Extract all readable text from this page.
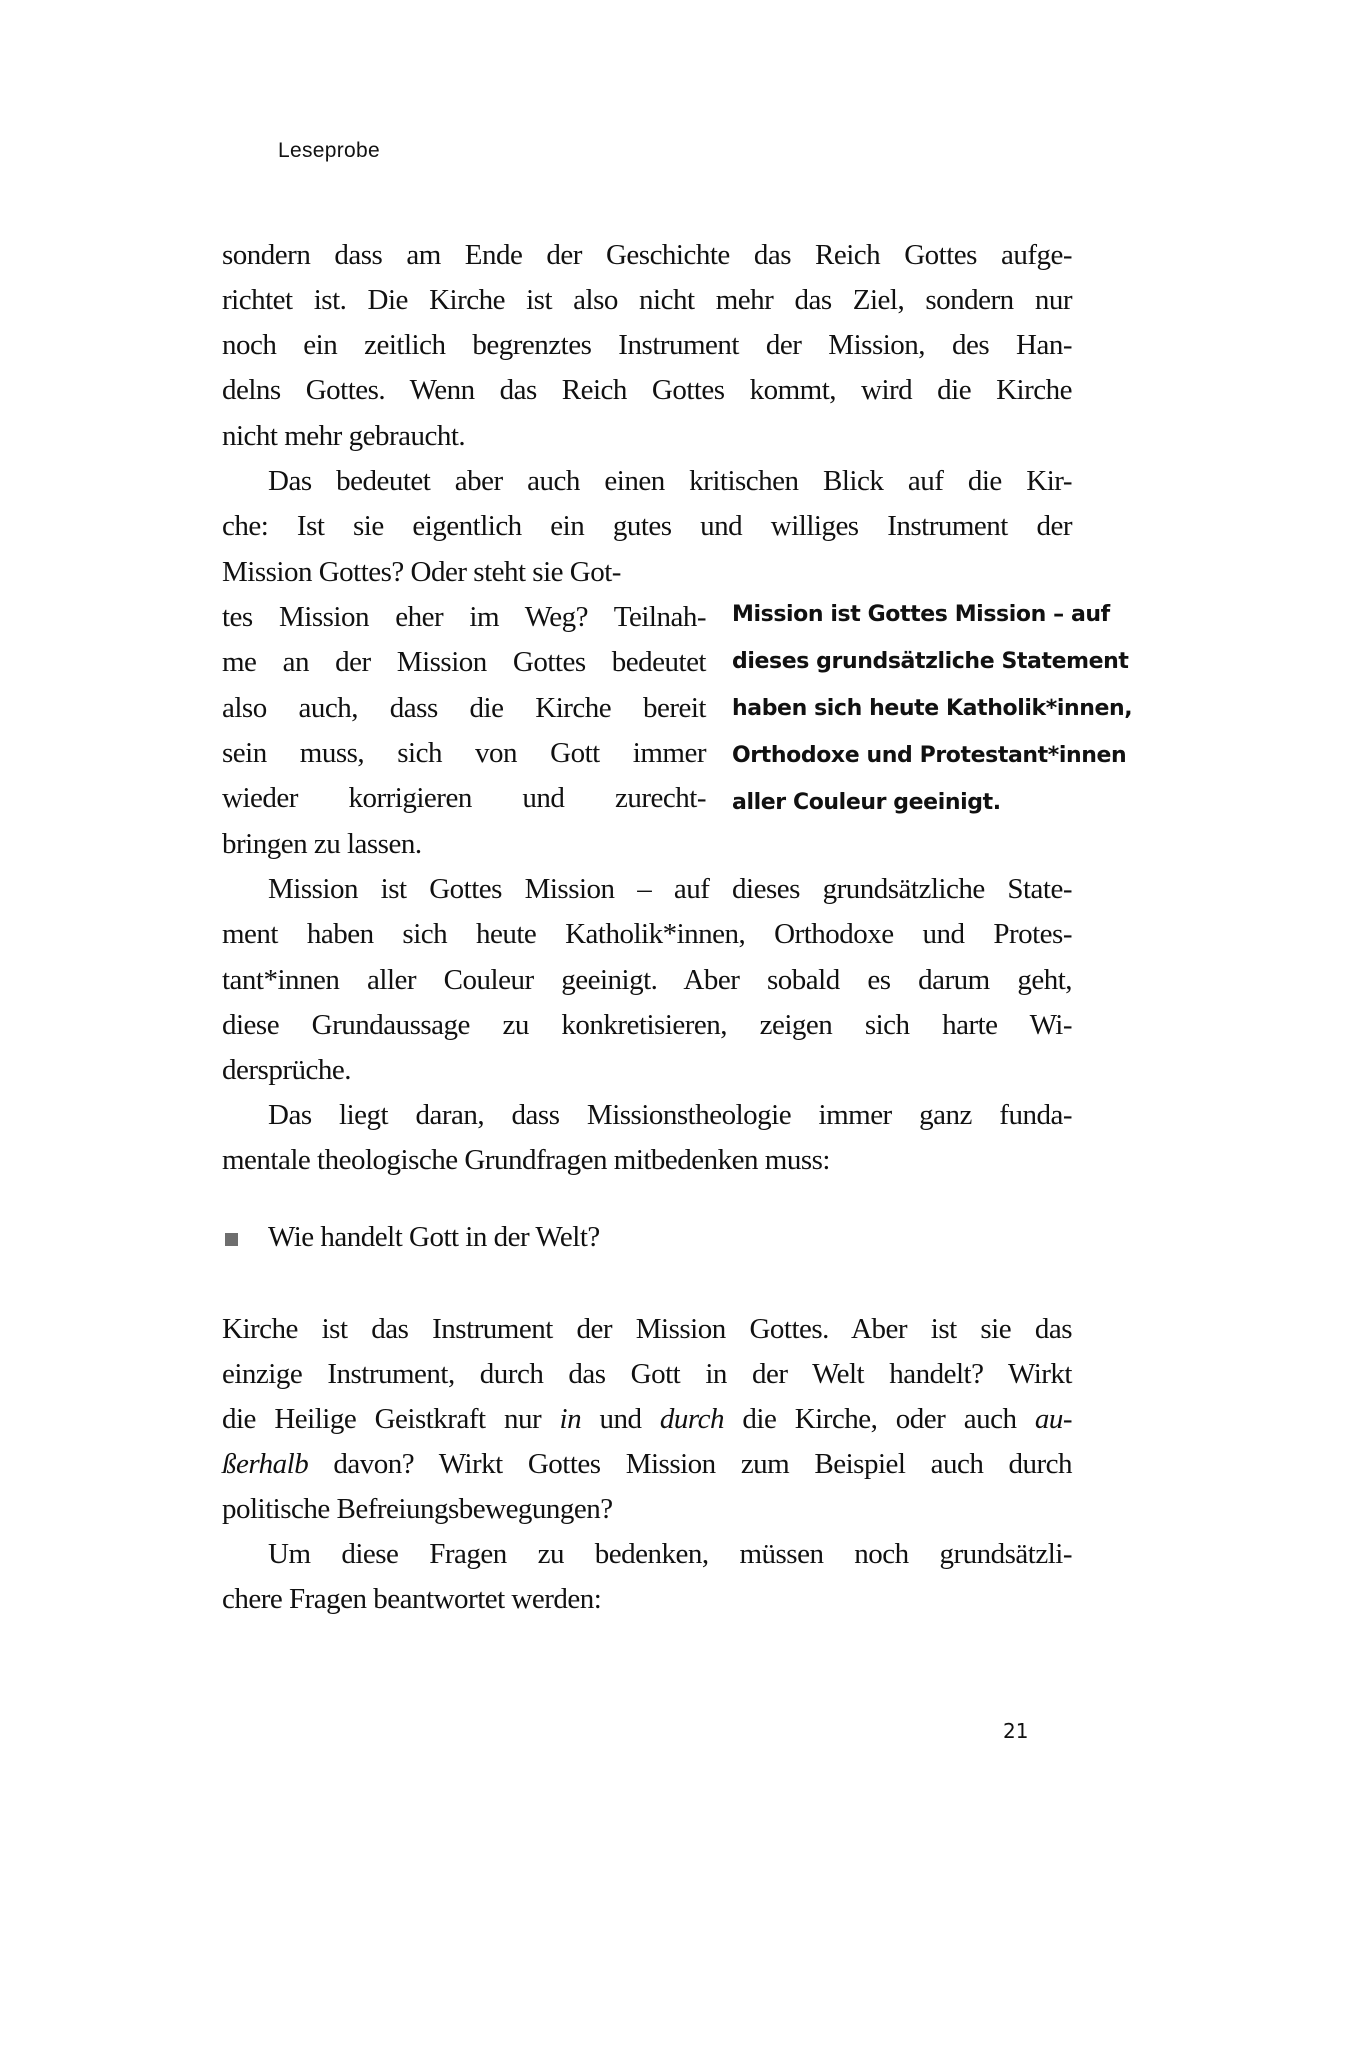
Leseprobe
sondern dass am Ende der Geschichte das Reich Gottes aufge-
richtet ist. Die Kirche ist also nicht mehr das Ziel, sondern nur
noch ein zeitlich begrenztes Instrument der Mission, des Han-
delns Gottes. Wenn das Reich Gottes kommt, wird die Kirche
nicht mehr gebraucht.
Das bedeutet aber auch einen kritischen Blick auf die Kir-
che: Ist sie eigentlich ein gutes und williges Instrument der
Mission Gottes? Oder steht sie Got-
tes Mission eher im Weg? Teilnah-
me an der Mission Gottes bedeutet
also auch, dass die Kirche bereit
sein muss, sich von Gott immer
wieder korrigieren und zurecht-
bringen zu lassen.
Mission ist Gottes Mission – auf
dieses grundsätzliche Statement
haben sich heute Katholik*innen,
Orthodoxe und Protestant*innen
aller Couleur geeinigt.
Mission ist Gottes Mission – auf dieses grundsätzliche State-
ment haben sich heute Katholik*innen, Orthodoxe und Protes-
tant*innen aller Couleur geeinigt. Aber sobald es darum geht,
diese Grundaussage zu konkretisieren, zeigen sich harte Wi-
dersprüche.
Das liegt daran, dass Missionstheologie immer ganz funda-
mentale theologische Grundfragen mitbedenken muss:
Wie handelt Gott in der Welt?
Kirche ist das Instrument der Mission Gottes. Aber ist sie das
einzige Instrument, durch das Gott in der Welt handelt? Wirkt
die Heilige Geistkraft nur in und durch die Kirche, oder auch au-
ßerhalb davon? Wirkt Gottes Mission zum Beispiel auch durch
politische Befreiungsbewegungen?
Um diese Fragen zu bedenken, müssen noch grundsätzli-
chere Fragen beantwortet werden:
21
